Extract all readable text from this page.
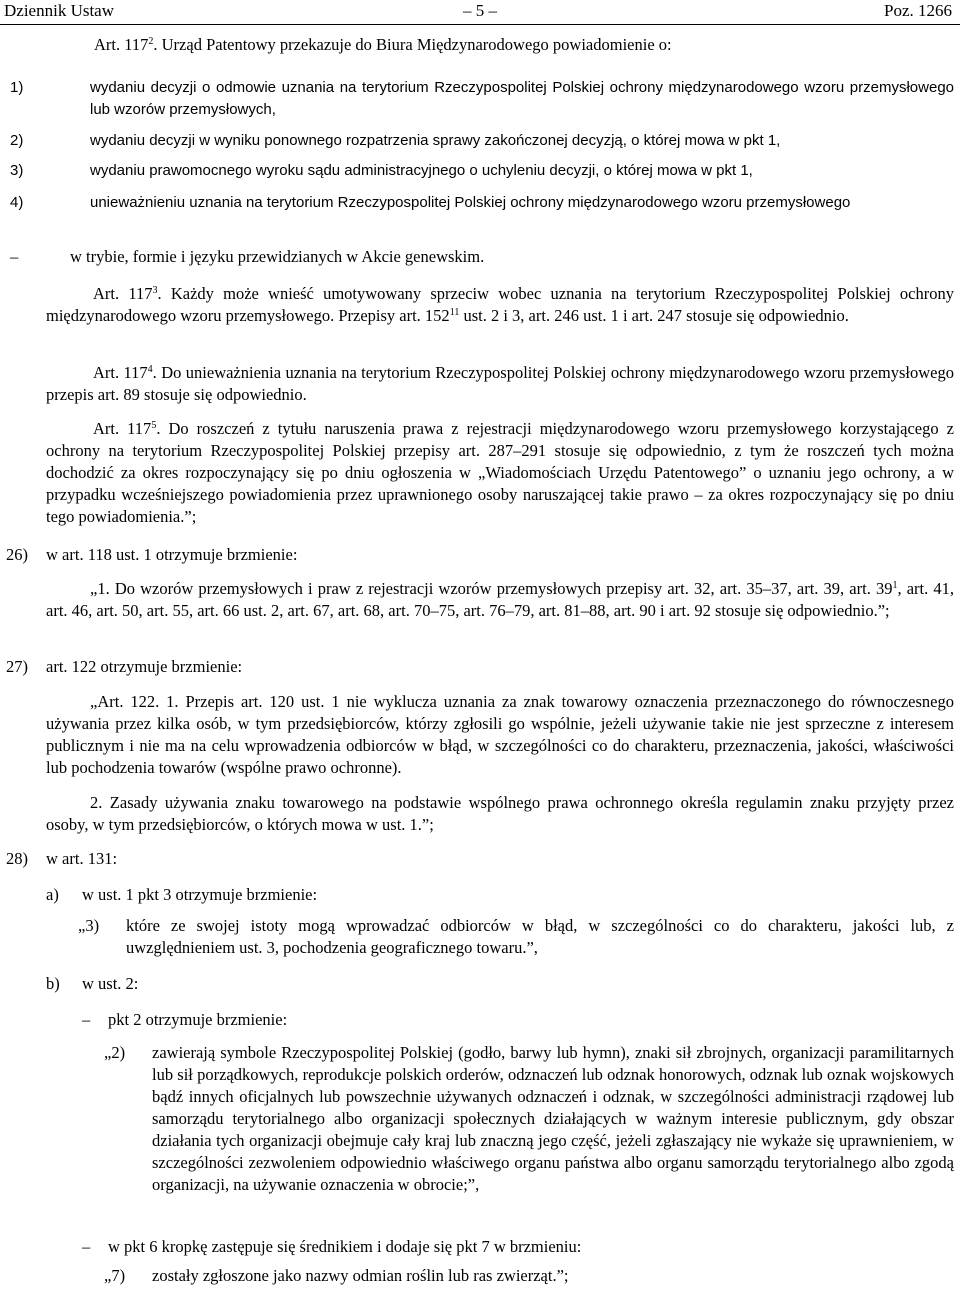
Dziennik Ustaw	– 5 –	Poz. 1266
Art. $117^2$. Urząd Patentowy przekazuje do Biura Międzynarodowego powiadomienie o:
1)	wydaniu decyzji o odmowie uznania na terytorium Rzeczypospolitej Polskiej ochrony międzynarodowego wzoru przemysłowego lub wzorów przemysłowych,
2)	wydaniu decyzji w wyniku ponownego rozpatrzenia sprawy zakończonej decyzją, o której mowa w pkt 1,
3)	wydaniu prawomocnego wyroku sądu administracyjnego o uchyleniu decyzji, o której mowa w pkt 1,
4)	unieważnieniu uznania na terytorium Rzeczypospolitej Polskiej ochrony międzynarodowego wzoru przemysłowego
–	w trybie, formie i języku przewidzianych w Akcie genewskim.
Art. $117^3$. Każdy może wnieść umotywowany sprzeciw wobec uznania na terytorium Rzeczypospolitej Polskiej ochrony międzynarodowego wzoru przemysłowego. Przepisy art. $152^{11}$ ust. 2 i 3, art. 246 ust. 1 i art. 247 stosuje się odpowiednio.
Art. $117^4$. Do unieważnienia uznania na terytorium Rzeczypospolitej Polskiej ochrony międzynarodowego wzoru przemysłowego przepis art. 89 stosuje się odpowiednio.
Art. $117^5$. Do roszczeń z tytułu naruszenia prawa z rejestracji międzynarodowego wzoru przemysłowego korzystającego z ochrony na terytorium Rzeczypospolitej Polskiej przepisy art. 287–291 stosuje się odpowiednio, z tym że roszczeń tych można dochodzić za okres rozpoczynający się po dniu ogłoszenia w „Wiadomościach Urzędu Patentowego” o uznaniu jego ochrony, a w przypadku wcześniejszego powiadomienia przez uprawnionego osoby naruszającej takie prawo – za okres rozpoczynający się po dniu tego powiadomienia.”;
26) w art. 118 ust. 1 otrzymuje brzmienie:
„1. Do wzorów przemysłowych i praw z rejestracji wzorów przemysłowych przepisy art. 32, art. 35–37, art. 39, art. $39^1$, art. 41, art. 46, art. 50, art. 55, art. 66 ust. 2, art. 67, art. 68, art. 70–75, art. 76–79, art. 81–88, art. 90 i art. 92 stosuje się odpowiednio.”;
27) art. 122 otrzymuje brzmienie:
„Art. 122. 1. Przepis art. 120 ust. 1 nie wyklucza uznania za znak towarowy oznaczenia przeznaczonego do równoczesnego używania przez kilka osób, w tym przedsiębiorców, którzy zgłosili go wspólnie, jeżeli używanie takie nie jest sprzeczne z interesem publicznym i nie ma na celu wprowadzenia odbiorców w błąd, w szczególności co do charakteru, przeznaczenia, jakości, właściwości lub pochodzenia towarów (wspólne prawo ochronne).
2. Zasady używania znaku towarowego na podstawie wspólnego prawa ochronnego określa regulamin znaku przyjęty przez osoby, w tym przedsiębiorców, o których mowa w ust. 1.”;
28) w art. 131:
a) w ust. 1 pkt 3 otrzymuje brzmienie:
„3) które ze swojej istoty mogą wprowadzać odbiorców w błąd, w szczególności co do charakteru, jakości lub, z uwzględnieniem ust. 3, pochodzenia geograficznego towaru.”,
b) w ust. 2:
– pkt 2 otrzymuje brzmienie:
„2) zawierają symbole Rzeczypospolitej Polskiej (godło, barwy lub hymn), znaki sił zbrojnych, organizacji paramilitarnych lub sił porządkowych, reprodukcje polskich orderów, odznaczeń lub odznak honorowych, odznak lub oznak wojskowych bądź innych oficjalnych lub powszechnie używanych odznaczeń i odznak, w szczególności administracji rządowej lub samorządu terytorialnego albo organizacji społecznych działających w ważnym interesie publicznym, gdy obszar działania tych organizacji obejmuje cały kraj lub znaczną jego część, jeżeli zgłaszający nie wykaże się uprawnieniem, w szczególności zezwoleniem odpowiednio właściwego organu państwa albo organu samorządu terytorialnego albo zgodą organizacji, na używanie oznaczenia w obrocie;”,
– w pkt 6 kropkę zastępuje się średnikiem i dodaje się pkt 7 w brzmieniu:
„7) zostały zgłoszone jako nazwy odmian roślin lub ras zwierząt.”;
